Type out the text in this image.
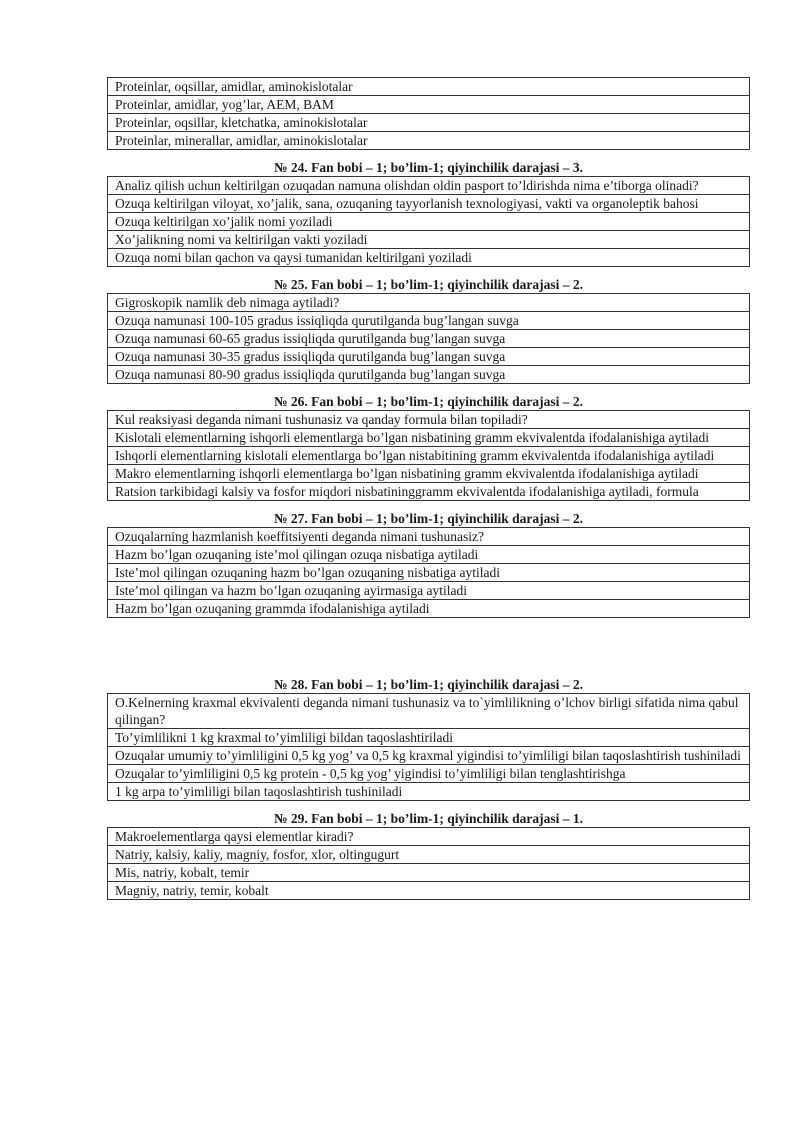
Proteinlar, oqsillar, amidlar, aminokislotalar
Proteinlar, amidlar, yog’lar, AEM, BAM
Proteinlar, oqsillar, kletchatka, aminokislotalar
Proteinlar, minerallar, amidlar, aminokislotalar
№ 24. Fan bobi – 1; bo’lim-1; qiyinchilik darajasi – 3.
Analiz qilish uchun keltirilgan ozuqadan namuna olishdan oldin pasport to’ldirishda nima e’tiborga olinadi?
Ozuqa keltirilgan viloyat, xo’jalik, sana, ozuqaning tayyorlanish texnologiyasi, vakti va organoleptik bahosi
Ozuqa keltirilgan xo’jalik nomi yoziladi
Xo’jalikning nomi va keltirilgan vakti yoziladi
Ozuqa nomi bilan qachon va qaysi tumanidan keltirilgani yoziladi
№ 25. Fan bobi – 1; bo’lim-1; qiyinchilik darajasi – 2.
Gigroskopik namlik deb nimaga aytiladi?
Ozuqa namunasi 100-105 gradus issiqliqda qurutilganda bug’langan suvga
Ozuqa namunasi 60-65 gradus issiqliqda qurutilganda bug’langan suvga
Ozuqa namunasi 30-35 gradus issiqliqda qurutilganda bug’langan suvga
Ozuqa namunasi 80-90 gradus issiqliqda qurutilganda bug’langan suvga
№ 26. Fan bobi – 1; bo’lim-1; qiyinchilik darajasi – 2.
Kul reaksiyasi deganda nimani tushunasiz va qanday formula bilan topiladi?
Kislotali elementlarning ishqorli elementlarga bo’lgan nisbatining gramm ekvivalentda ifodalanishiga aytiladi
Ishqorli elementlarning kislotali elementlarga bo’lgan nistabitining gramm ekvivalentda ifodalanishiga aytiladi
Makro elementlarning ishqorli elementlarga bo’lgan nisbatining gramm ekvivalentda ifodalanishiga aytiladi
Ratsion tarkibidagi kalsiy va fosfor miqdori nisbatininggramm ekvivalentda ifodalanishiga aytiladi, formula
№ 27. Fan bobi – 1; bo’lim-1; qiyinchilik darajasi – 2.
Ozuqalarning hazmlanish koeffitsiyenti deganda nimani tushunasiz?
Hazm bo’lgan ozuqaning iste’mol qilingan ozuqa nisbatiga aytiladi
Iste’mol qilingan ozuqaning hazm bo’lgan ozuqaning nisbatiga aytiladi
Iste’mol qilingan va hazm bo’lgan ozuqaning ayirmasiga aytiladi
Hazm bo’lgan ozuqaning grammda ifodalanishiga aytiladi
№ 28. Fan bobi – 1; bo’lim-1; qiyinchilik darajasi – 2.
O.Kelnerning kraxmal ekvivalenti deganda nimani tushunasiz va to`yimlilikning o’lchov birligi sifatida nima qabul qilingan?
To’yimlilikni 1 kg kraxmal to’yimliligi bildan taqoslashtiriladi
Ozuqalar umumiy to’yimliligini 0,5 kg yog’ va 0,5 kg kraxmal yigindisi to’yimliligi bilan taqoslashtirish tushiniladi
Ozuqalar to’yimliligini 0,5 kg protein - 0,5 kg yog’ yigindisi to’yimliligi bilan tenglashtirishga
1 kg arpa to’yimliligi bilan taqoslashtirish tushiniladi
№ 29. Fan bobi – 1; bo’lim-1; qiyinchilik darajasi – 1.
Makroelementlarga qaysi elementlar kiradi?
Natriy, kalsiy, kaliy, magniy, fosfor, xlor, oltingugurt
Mis, natriy, kobalt, temir
Magniy, natriy, temir, kobalt
